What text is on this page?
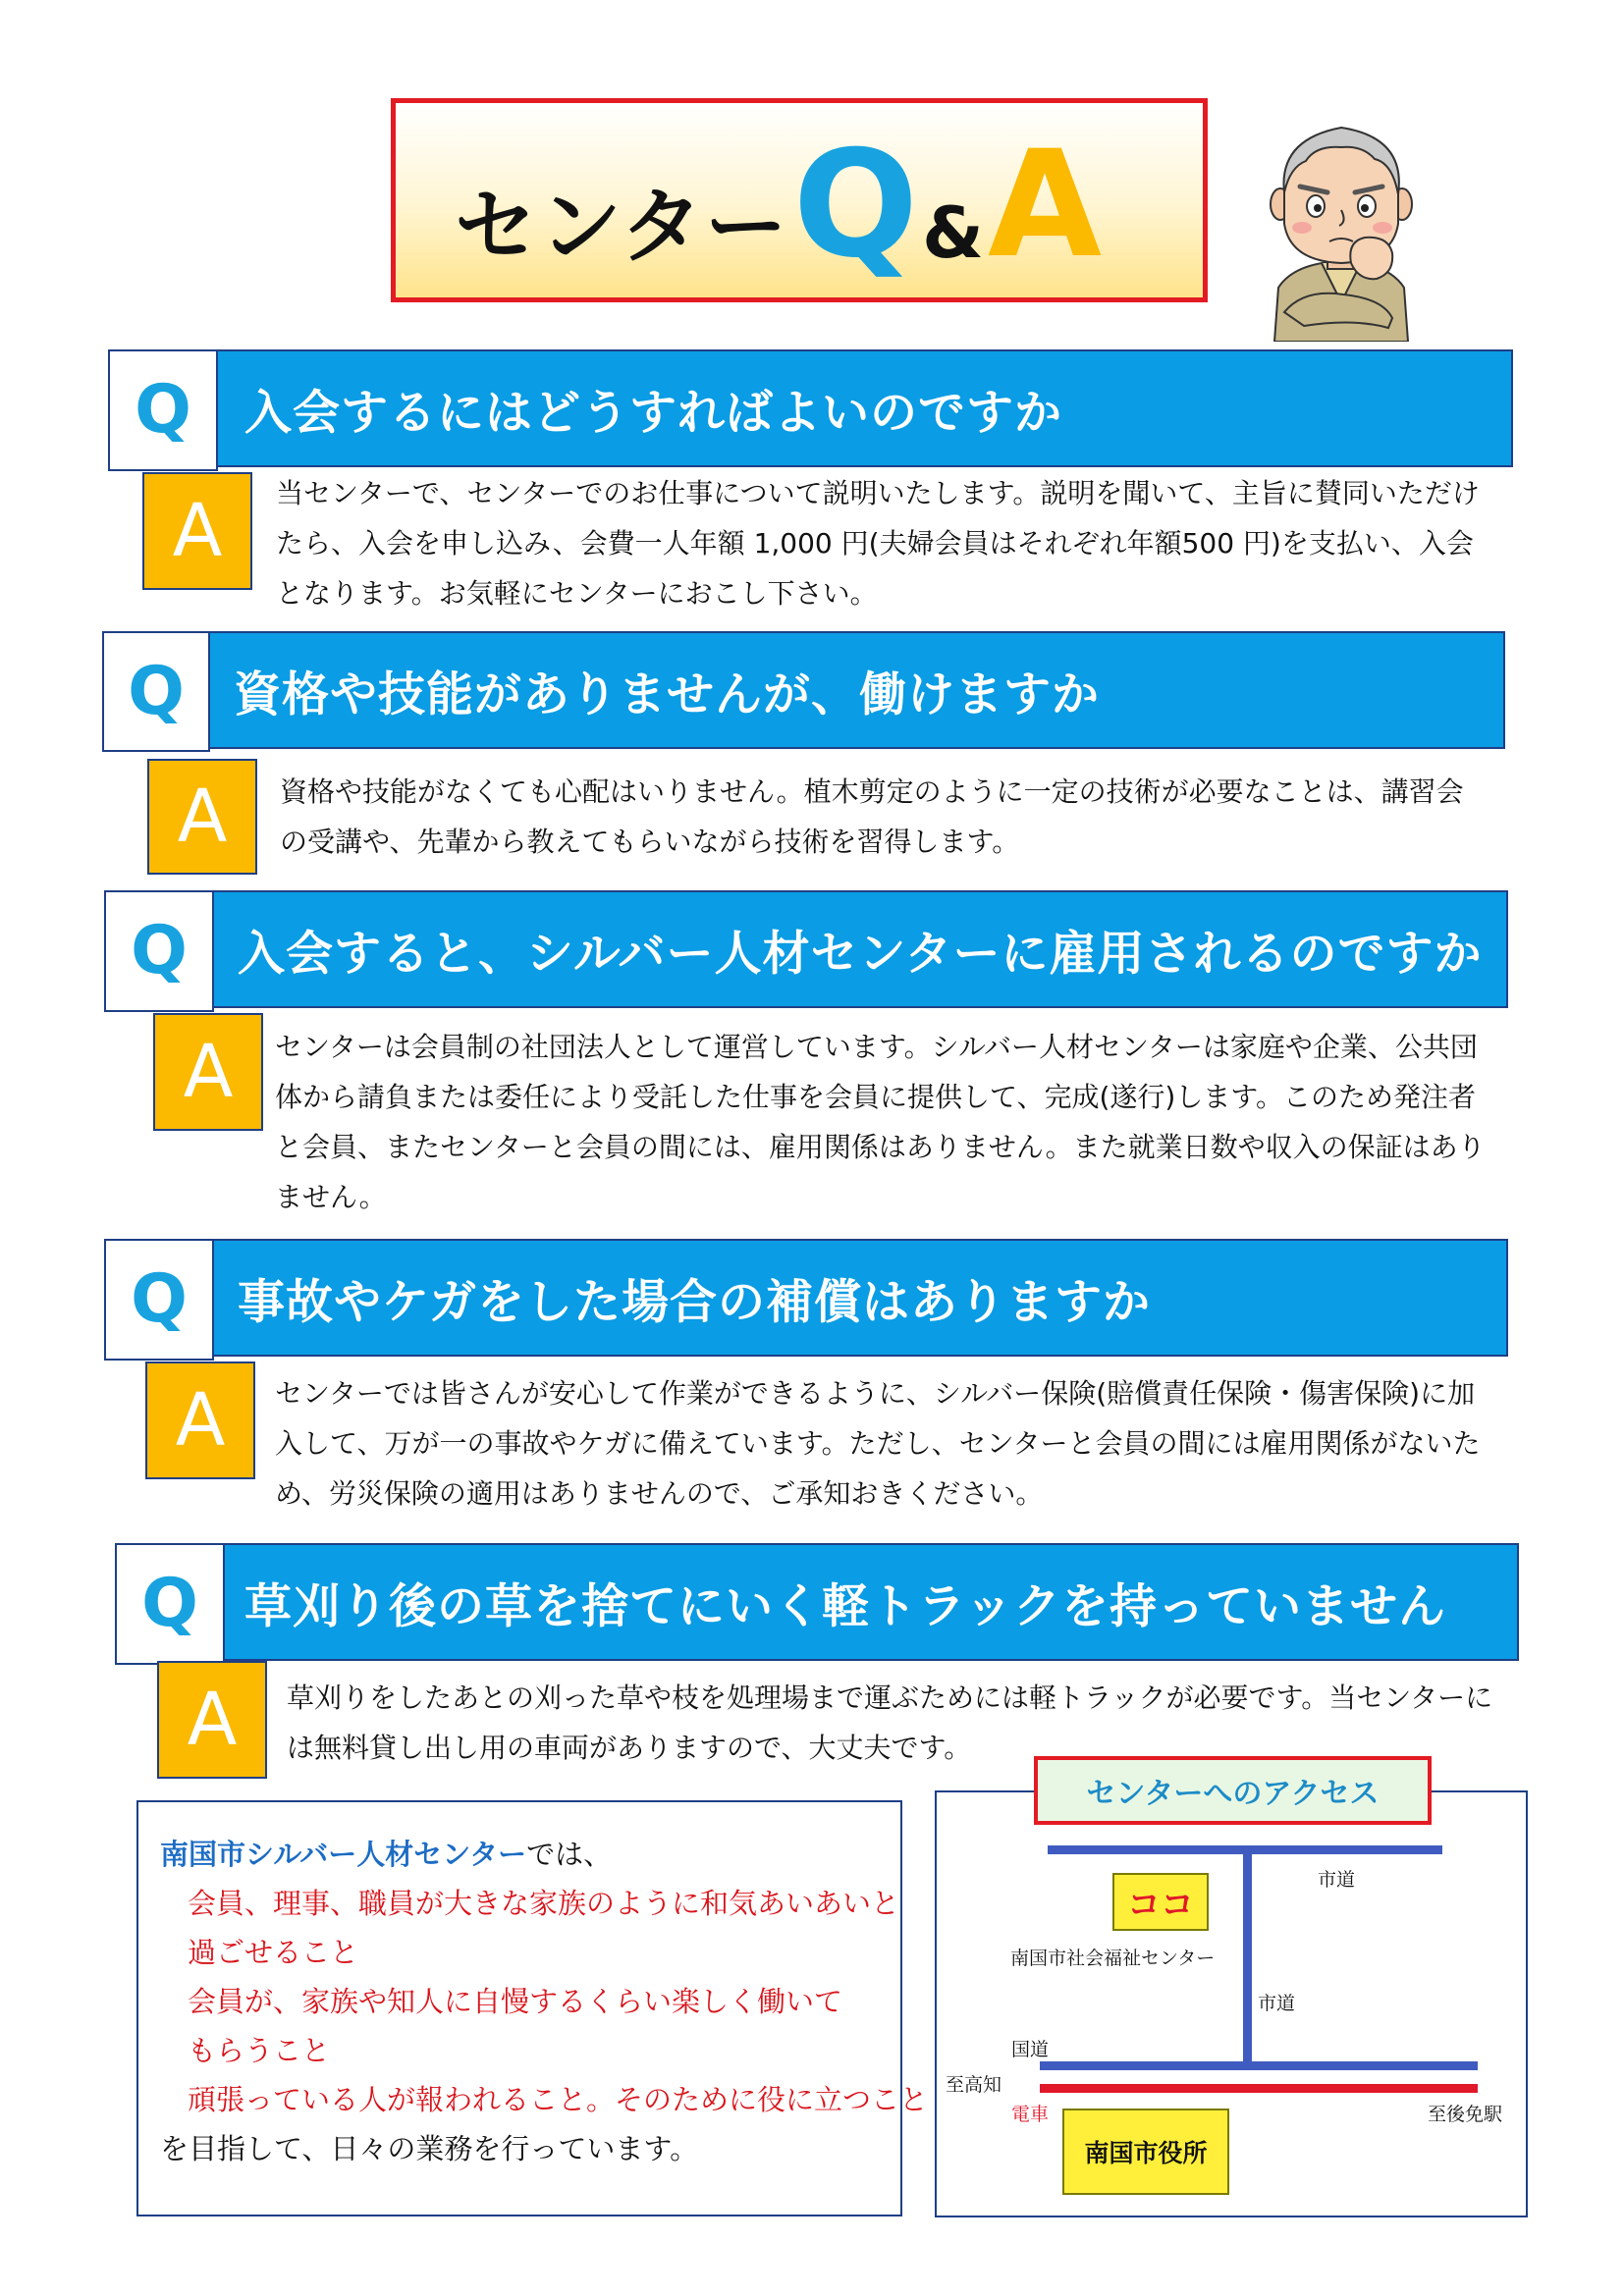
センター Q & A
入会するにはどうすればよいのですか
Q
A 当センターで、センターでのお仕事について説明いたします。説明を聞いて、主旨に賛同いただけたら、入会を申し込み、会費一人年額 1,000 円(夫婦会員はそれぞれ年額500 円)を支払い、入会となります。お気軽にセンターにおこし下さい。
資格や技能がありませんが、働けますか
Q
A 資格や技能がなくても心配はいりません。植木剪定のように一定の技術が必要なことは、講習会の受講や、先輩から教えてもらいながら技術を習得します。
入会すると、シルバー人材センターに雇用されるのですか
Q
A センターは会員制の社団法人として運営しています。シルバー人材センターは家庭や企業、公共団体から請負または委任により受託した仕事を会員に提供して、完成(遂行)します。このため発注者と会員、またセンターと会員の間には、雇用関係はありません。また就業日数や収入の保証はありません。
事故やケガをした場合の補償はありますか
Q
A センターでは皆さんが安心して作業ができるように、シルバー保険(賠償責任保険・傷害保険)に加入して、万が一の事故やケガに備えています。ただし、センターと会員の間には雇用関係がないため、労災保険の適用はありませんので、ご承知おきください。
草刈り後の草を捨てにいく軽トラックを持っていません
Q
A 草刈りをしたあとの刈った草や枝を処理場まで運ぶためには軽トラックが必要です。当センターには無料貸し出し用の車両がありますので、大丈夫です。
南国市シルバー人材センターでは、
会員、理事、職員が大きな家族のように和気あいあいと
過ごせること
会員が、家族や知人に自慢するくらい楽しく働いて
もらうこと
頑張っている人が報われること。そのために役に立つこと
を目指して、日々の業務を行っています。
センターへのアクセス
ココ
南国市役所
市道
南国市社会福祉センター
市道
国道
至高知
電車	至後免駅
